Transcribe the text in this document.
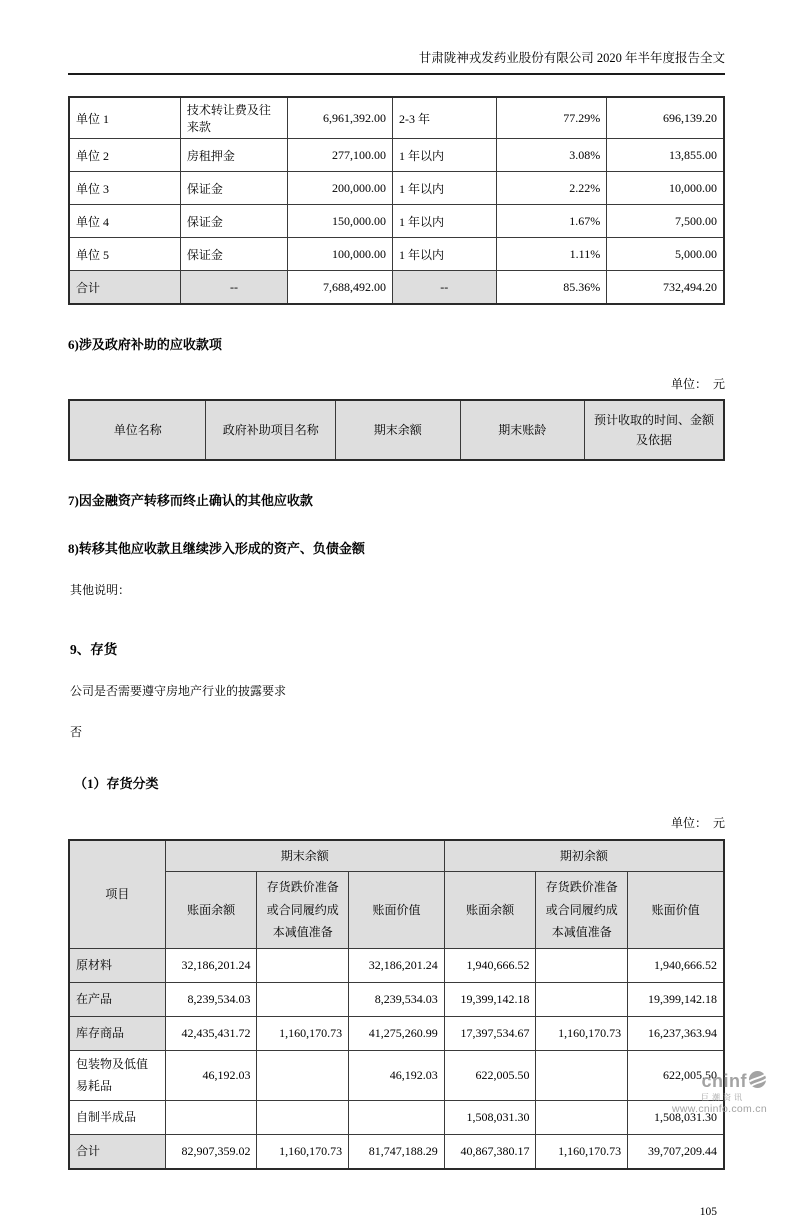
甘肃陇神戎发药业股份有限公司 2020 年半年度报告全文
单位 1	技术转让费及往来款	6,961,392.00	2-3 年	77.29%	696,139.20
单位 2	房租押金	277,100.00	1 年以内	3.08%	13,855.00
单位 3	保证金	200,000.00	1 年以内	2.22%	10,000.00
单位 4	保证金	150,000.00	1 年以内	1.67%	7,500.00
单位 5	保证金	100,000.00	1 年以内	1.11%	5,000.00
合计	--	7,688,492.00	--	85.36%	732,494.20
6)涉及政府补助的应收款项
单位：  元
单位名称	政府补助项目名称	期末余额	期末账龄	预计收取的时间、金额及依据
7)因金融资产转移而终止确认的其他应收款
8)转移其他应收款且继续涉入形成的资产、负债金额
其他说明：
9、存货
公司是否需要遵守房地产行业的披露要求
否
（1）存货分类
单位：  元
项目	期末余额			期初余额		
	账面余额	存货跌价准备或合同履约成本减值准备	账面价值	账面余额	存货跌价准备或合同履约成本减值准备	账面价值
原材料	32,186,201.24		32,186,201.24	1,940,666.52		1,940,666.52
在产品	8,239,534.03		8,239,534.03	19,399,142.18		19,399,142.18
库存商品	42,435,431.72	1,160,170.73	41,275,260.99	17,397,534.67	1,160,170.73	16,237,363.94
包装物及低值易耗品	46,192.03		46,192.03	622,005.50		622,005.50
自制半成品				1,508,031.30		1,508,031.30
合计	82,907,359.02	1,160,170.73	81,747,188.29	40,867,380.17	1,160,170.73	39,707,209.44
105
cninf
巨潮资讯
www.cninfo.com.cn
